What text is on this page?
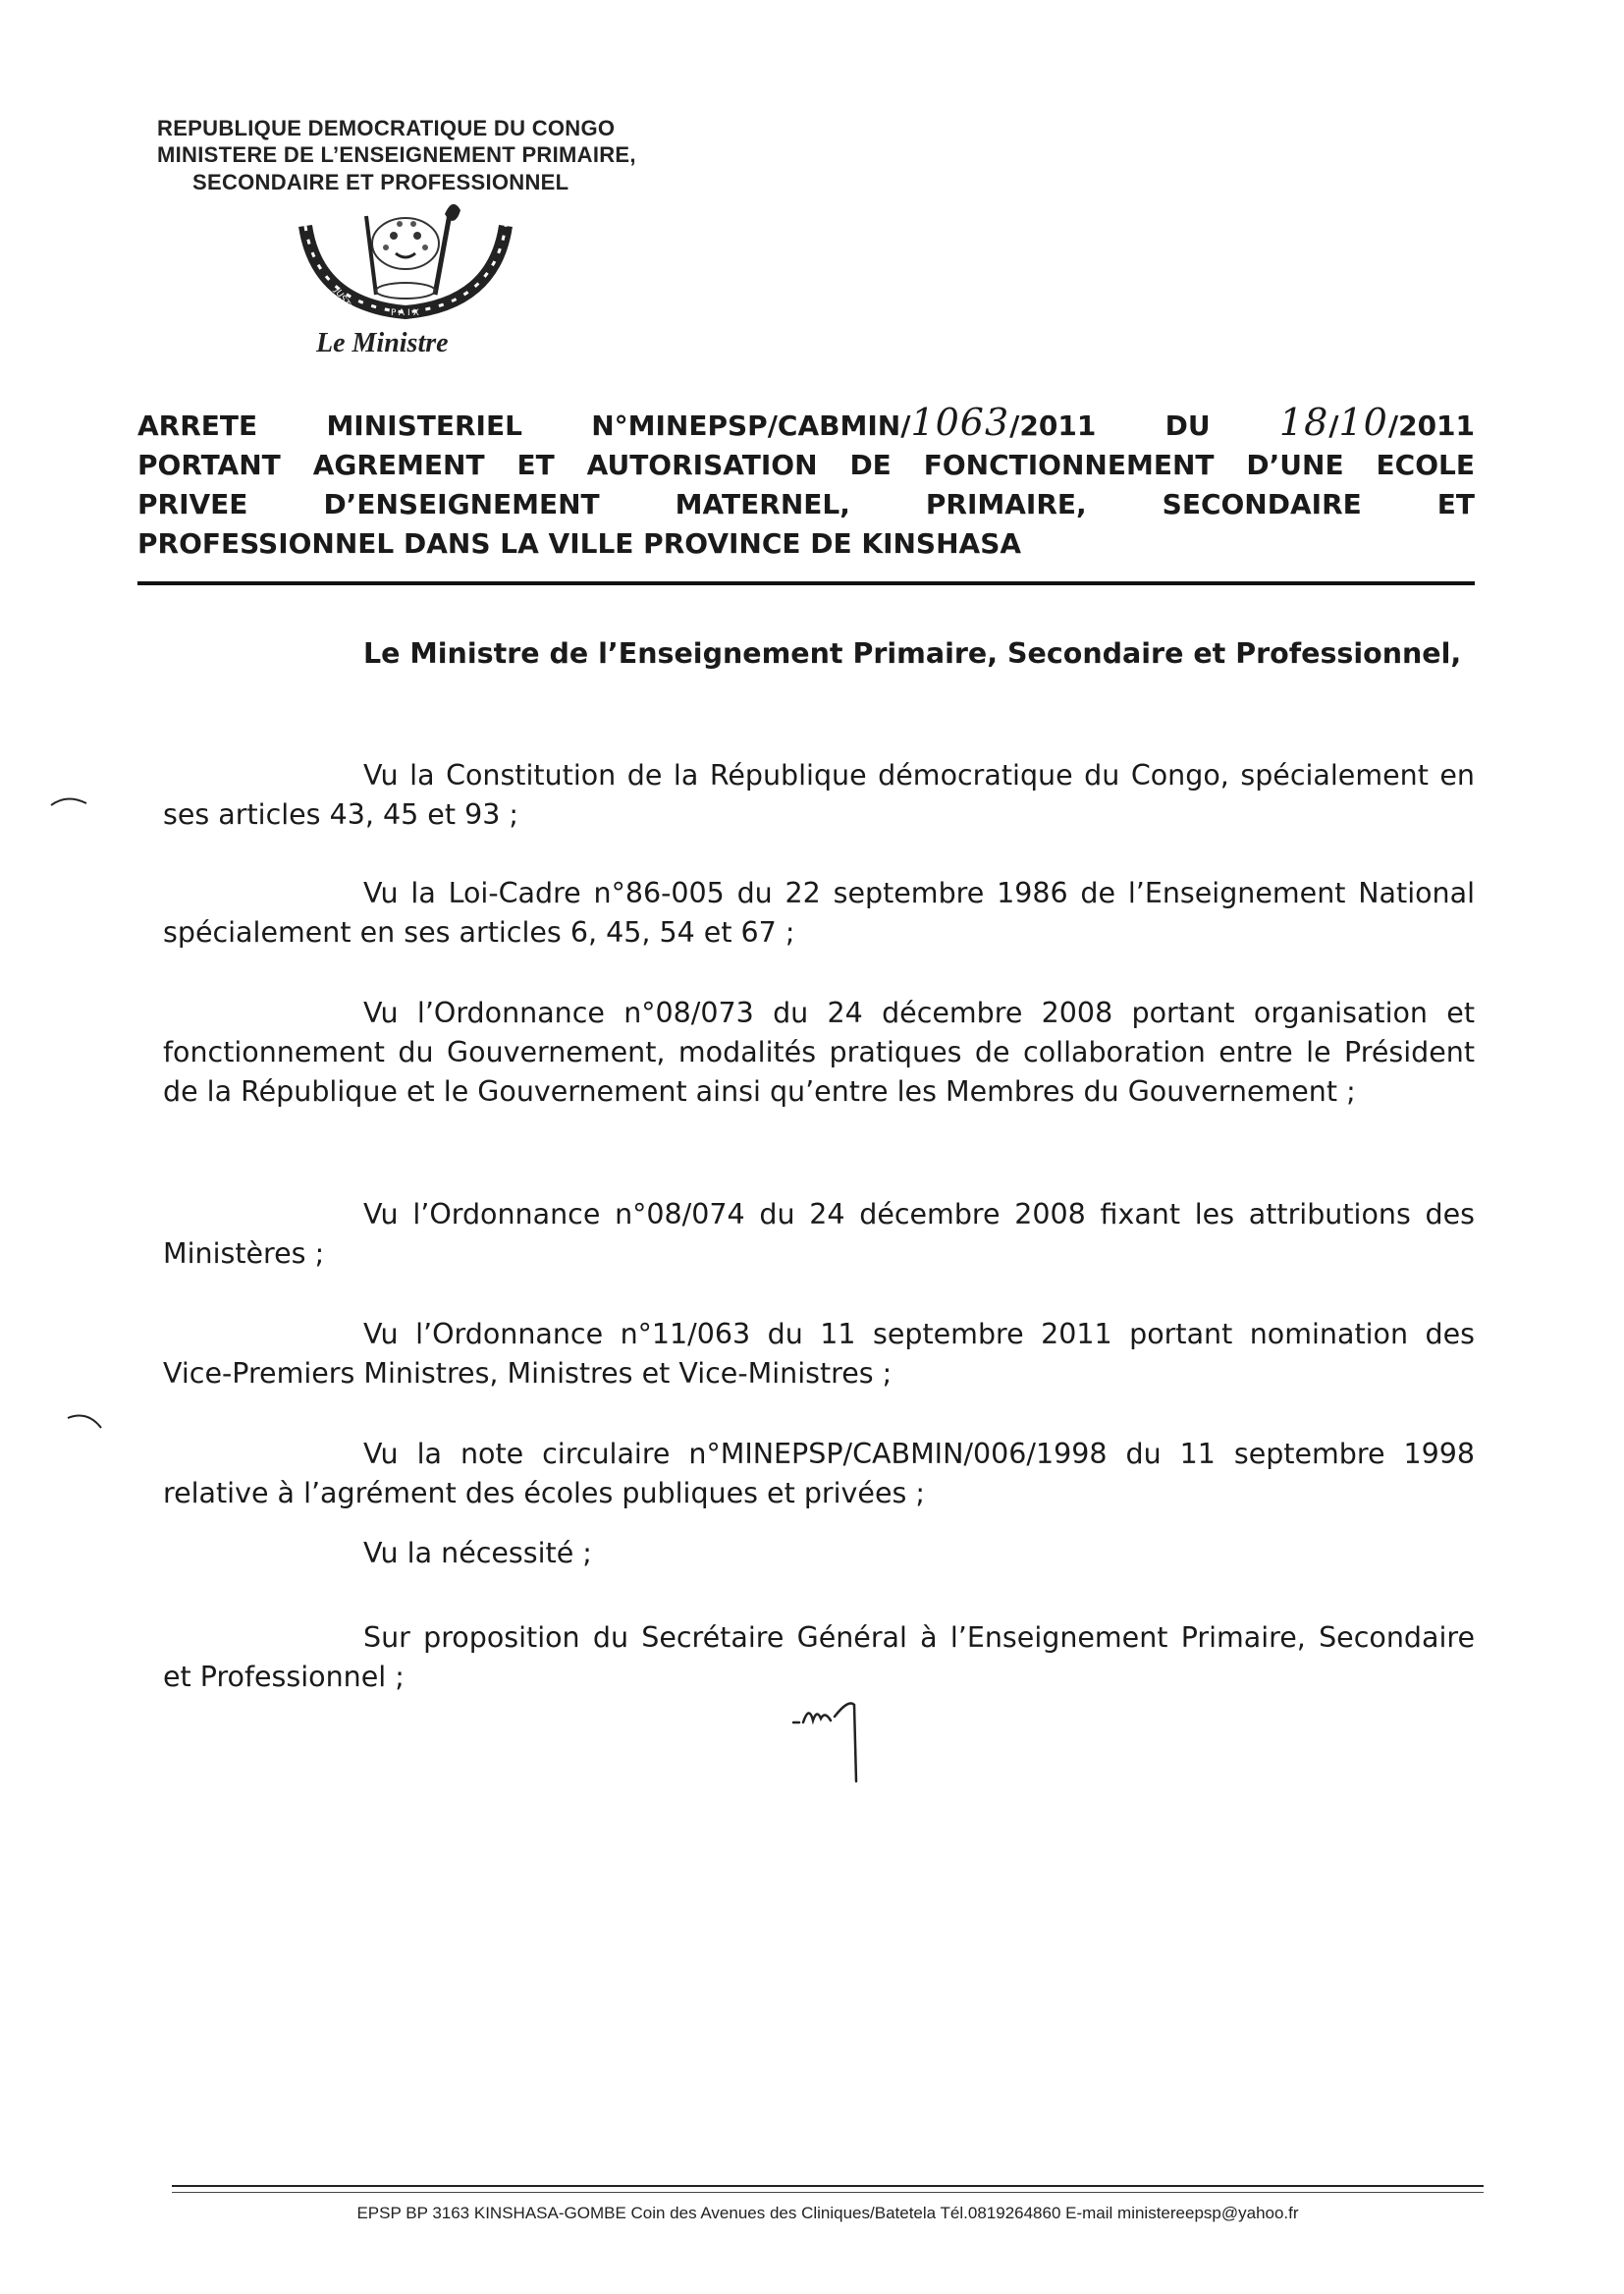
REPUBLIQUE DEMOCRATIQUE DU CONGO
MINISTERE DE L’ENSEIGNEMENT PRIMAIRE,
SECONDAIRE ET PROFESSIONNEL
JUSTICE
TRAVAIL
PAIX
Le Ministre
ARRETE MINISTERIEL N°MINEPSP/CABMIN/1063/2011 DU 18/10/2011
PORTANT AGREMENT ET AUTORISATION DE FONCTIONNEMENT D’UNE ECOLE
PRIVEE D’ENSEIGNEMENT MATERNEL, PRIMAIRE, SECONDAIRE ET
PROFESSIONNEL DANS LA VILLE PROVINCE DE KINSHASA
Le Ministre de l’Enseignement Primaire, Secondaire et Professionnel,
Vu la Constitution de la République démocratique du Congo, spécialement en ses articles 43, 45 et 93 ;
Vu la Loi-Cadre n°86-005 du 22 septembre 1986 de l’Enseignement National spécialement en ses articles 6, 45, 54 et 67 ;
Vu l’Ordonnance n°08/073 du 24 décembre 2008 portant organisation et fonctionnement du Gouvernement, modalités pratiques de collaboration entre le Président de la République et le Gouvernement ainsi qu’entre les Membres du Gouvernement ;
Vu l’Ordonnance n°08/074 du 24 décembre 2008 fixant les attributions des Ministères ;
Vu l’Ordonnance n°11/063 du 11 septembre 2011 portant nomination des Vice-Premiers Ministres, Ministres et Vice-Ministres ;
Vu la note circulaire n°MINEPSP/CABMIN/006/1998 du 11 septembre 1998 relative à l’agrément des écoles publiques et privées ;
Vu la nécessité ;
Sur proposition du Secrétaire Général à l’Enseignement Primaire, Secondaire et Professionnel ;
EPSP BP 3163 KINSHASA-GOMBE Coin des Avenues des Cliniques/Batetela Tél.0819264860 E-mail ministereepsp@yahoo.fr
